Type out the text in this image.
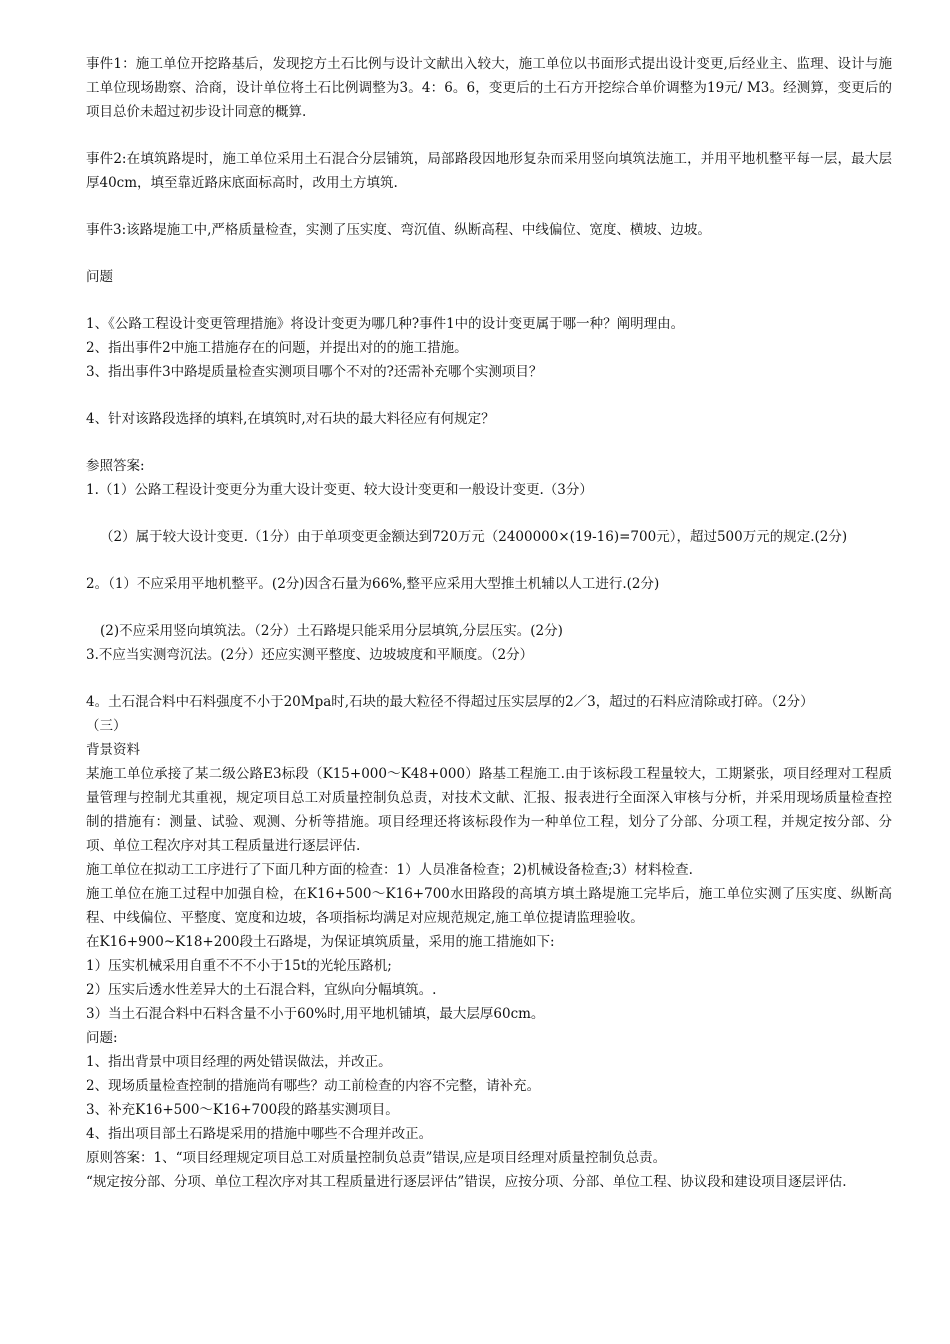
事件1：施工单位开挖路基后，发现挖方土石比例与设计文献出入较大，施工单位以书面形式提出设计变更,后经业主、监理、设计与施工单位现场勘察、洽商，设计单位将土石比例调整为3。4：6。6，变更后的土石方开挖综合单价调整为19元/ M3。经测算，变更后的项目总价未超过初步设计同意的概算.

事件2:在填筑路堤时，施工单位采用土石混合分层铺筑，局部路段因地形复杂而采用竖向填筑法施工，并用平地机整平每一层，最大层厚40cm，填至靠近路床底面标高时，改用土方填筑.

事件3:该路堤施工中,严格质量检查，实测了压实度、弯沉值、纵断高程、中线偏位、宽度、横坡、边坡。

问题

1、《公路工程设计变更管理措施》将设计变更为哪几种?事件1中的设计变更属于哪一种？阐明理由。

2、指出事件2中施工措施存在的问题，并提出对的的施工措施。

3、指出事件3中路堤质量检查实测项目哪个不对的?还需补充哪个实测项目？

4、针对该路段选择的填料,在填筑时,对石块的最大料径应有何规定？

参照答案:

1.（1）公路工程设计变更分为重大设计变更、较大设计变更和一般设计变更.（3分）

（2）属于较大设计变更.（1分）由于单项变更金额达到720万元（2400000×(19-16)=700元），超过500万元的规定.(2分)

2。（1）不应采用平地机整平。(2分)因含石量为66%,整平应采用大型推土机辅以人工进行.(2分)

(2)不应采用竖向填筑法。（2分）土石路堤只能采用分层填筑,分层压实。(2分)

3.不应当实测弯沉法。(2分）还应实测平整度、边坡坡度和平顺度。（2分）

4。土石混合料中石料强度不小于20Mpa时,石块的最大粒径不得超过压实层厚的2／3，超过的石料应清除或打碎。（2分）

（三）

背景资料

某施工单位承接了某二级公路E3标段（K15+000～K48+000）路基工程施工.由于该标段工程量较大，工期紧张，项目经理对工程质量管理与控制尤其重视，规定项目总工对质量控制负总责，对技术文献、汇报、报表进行全面深入审核与分析，并采用现场质量检查控制的措施有：测量、试验、观测、分析等措施。项目经理还将该标段作为一种单位工程，划分了分部、分项工程，并规定按分部、分项、单位工程次序对其工程质量进行逐层评估.

施工单位在拟动工工序进行了下面几种方面的检查：1）人员准备检查；2)机械设备检查;3）材料检查.

施工单位在施工过程中加强自检，在K16+500～K16+700水田路段的高填方填土路堤施工完毕后，施工单位实测了压实度、纵断高程、中线偏位、平整度、宽度和边坡，各项指标均满足对应规范规定,施工单位提请监理验收。

在K16+900~K18+200段土石路堤，为保证填筑质量，采用的施工措施如下:

1）压实机械采用自重不不不小于15t的光轮压路机;

2）压实后透水性差异大的土石混合料，宜纵向分幅填筑。.

3）当土石混合料中石料含量不小于60%时,用平地机铺填，最大层厚60cm。

问题:

1、指出背景中项目经理的两处错误做法，并改正。

2、现场质量检查控制的措施尚有哪些？动工前检查的内容不完整，请补充。

3、补充K16+500～K16+700段的路基实测项目。

4、指出项目部土石路堤采用的措施中哪些不合理并改正。

原则答案：1、“项目经理规定项目总工对质量控制负总责”错误,应是项目经理对质量控制负总责。

“规定按分部、分项、单位工程次序对其工程质量进行逐层评估”错误，应按分项、分部、单位工程、协议段和建设项目逐层评估.
